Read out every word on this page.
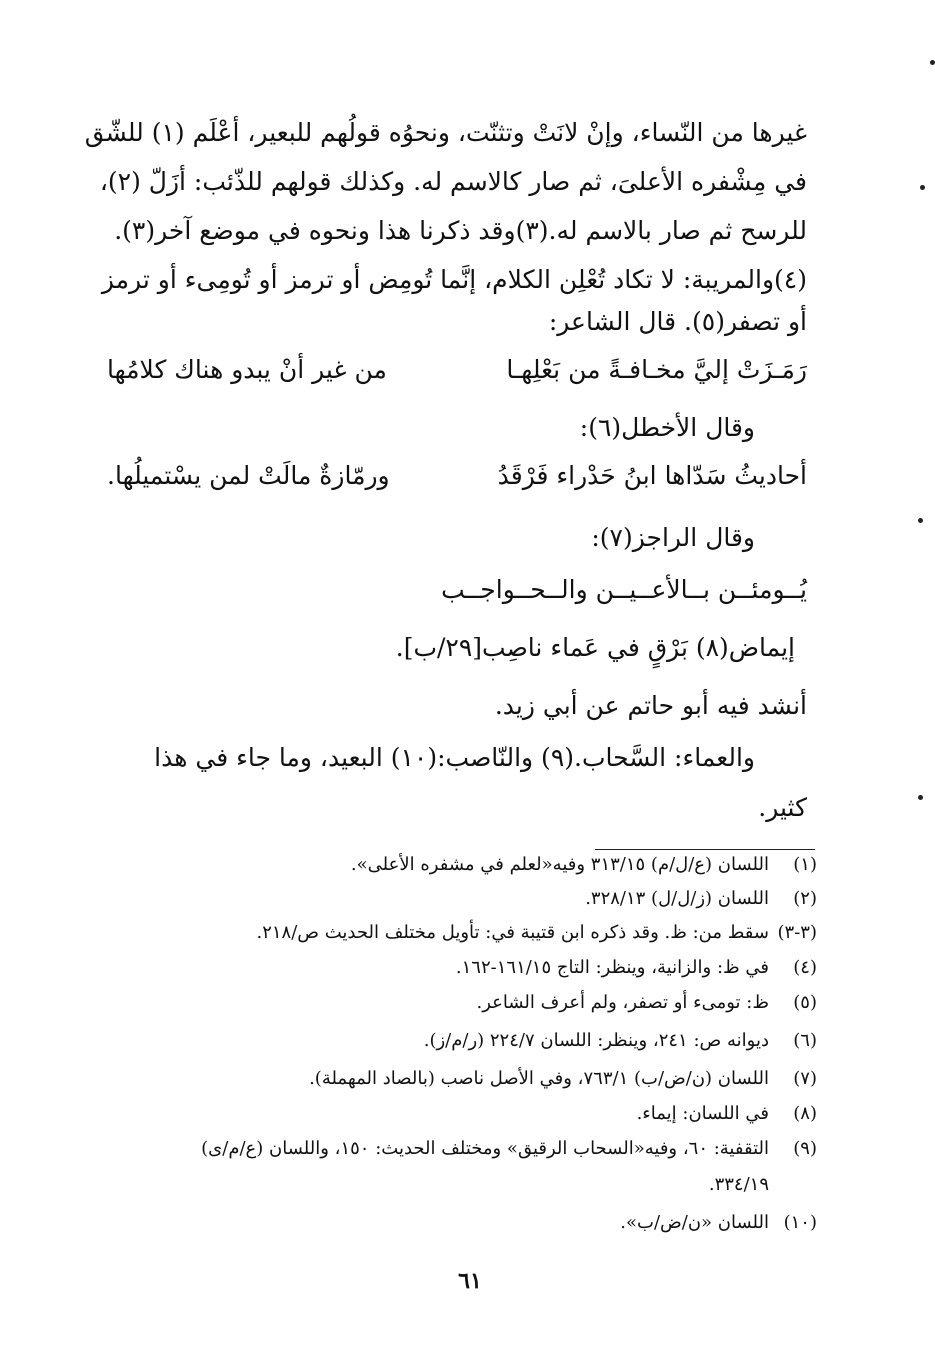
غيرها من النّساء، وإنْ لانَتْ وتثنّت، ونحوُه قولُهم للبعير، أعْلَم (١) للشّق
في مِشْفره الأعلىَ، ثم صار كالاسم له. وكذلك قولهم للذّئب: أزَلّ (٢)،
للرسح ثم صار بالاسم له.(٣)وقد ذكرنا هذا ونحوه في موضع آخر(٣).
(٤)والمريبة: لا تكاد تُعْلِن الكلام، إنَّما تُومِض أو ترمز أو تُومِىء أو ترمز
أو تصفر(٥). قال الشاعر:
رَمَـزَتْ إليَّ مخـافـةً من بَعْلِهـا
من غير أنْ يبدو هناك كلامُها
وقال الأخطل(٦):
أحاديثُ سَدّاها ابنُ حَدْراء فَرْقَدُ
ورمّازةٌ مالَتْ لمن يسْتميلُها.
وقال الراجز(٧):
يُــومئــن بــالأعــيــن والــحــواجــب
إيماض(٨) بَرْقٍ في عَماء ناصِب[٢٩/ب].
أنشد فيه أبو حاتم عن أبي زيد.
والعماء: السَّحاب.(٩) والنّاصب:(١٠) البعيد، وما جاء في هذا
كثير.
(١)اللسان (ع/ل/م) ٣١٣/١٥ وفيه«لعلم في مشفره الأعلى».
(٢)اللسان (ز/ل/ل) ٣٢٨/١٣.
(٣-٣)سقط من: ظ. وقد ذكره ابن قتيبة في: تأويل مختلف الحديث ص/٢١٨.
(٤)في ظ: والزانية، وينظر: التاج ١٦١/١٥-١٦٢.
(٥)ظ: تومىء أو تصفر، ولم أعرف الشاعر.
(٦)ديوانه ص: ٢٤١، وينظر: اللسان ٢٢٤/٧ (ر/م/ز).
(٧)اللسان (ن/ض/ب) ٧٦٣/١، وفي الأصل ناصب (بالصاد المهملة).
(٨)في اللسان: إيماء.
(٩)التقفية: ٦٠، وفيه«السحاب الرقيق» ومختلف الحديث: ١٥٠، واللسان (ع/م/ى)
٣٣٤/١٩.
(١٠)اللسان «ن/ض/ب».
٦١
